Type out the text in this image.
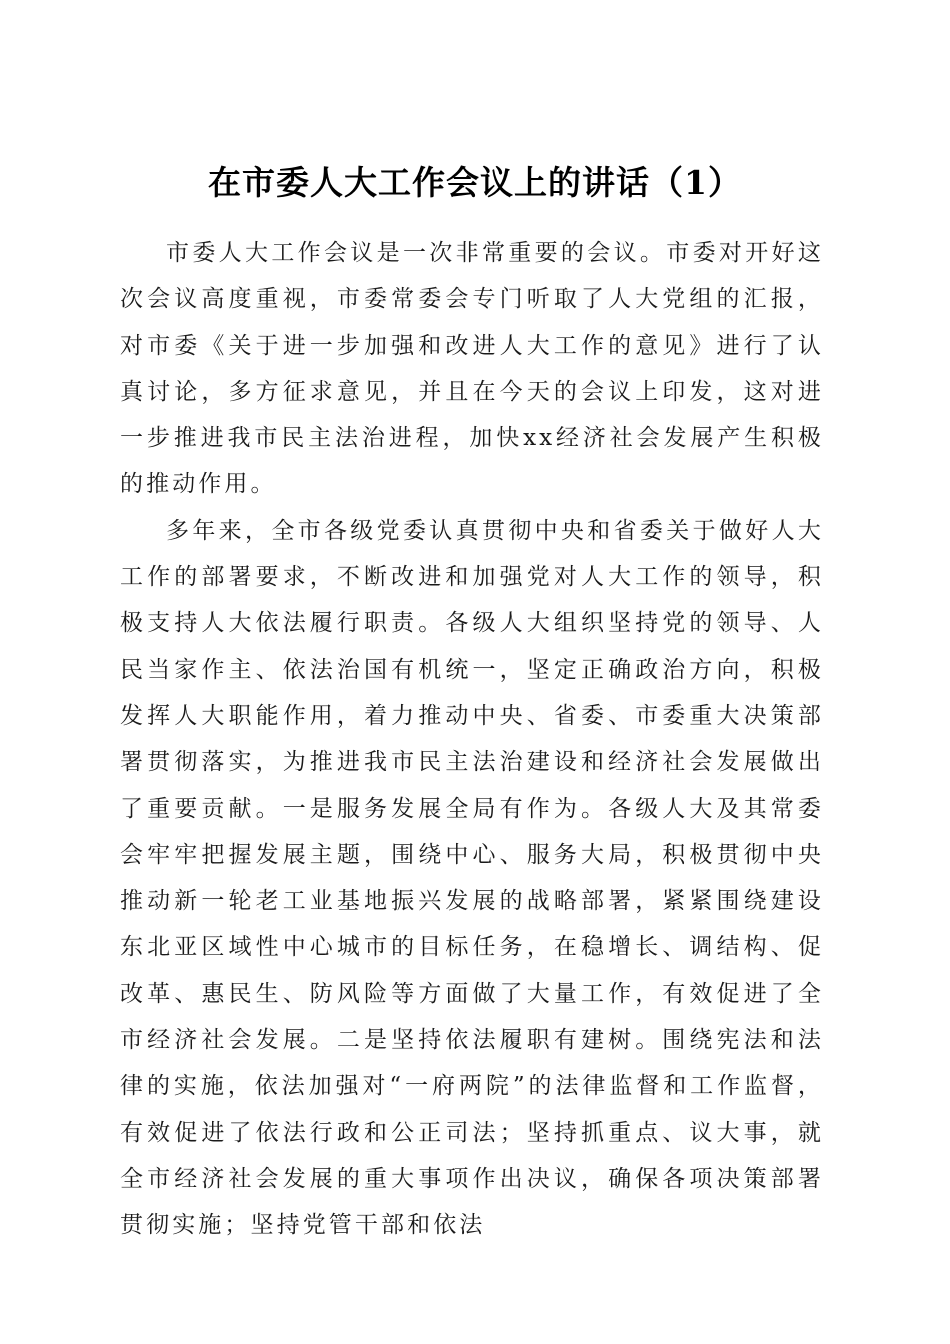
在市委人大工作会议上的讲话（1）

市委人大工作会议是一次非常重要的会议。市委对开好这次会议高度重视，市委常委会专门听取了人大党组的汇报，对市委《关于进一步加强和改进人大工作的意见》进行了认真讨论，多方征求意见，并且在今天的会议上印发，这对进一步推进我市民主法治进程，加快xx经济社会发展产生积极的推动作用。

多年来，全市各级党委认真贯彻中央和省委关于做好人大工作的部署要求，不断改进和加强党对人大工作的领导，积极支持人大依法履行职责。各级人大组织坚持党的领导、人民当家作主、依法治国有机统一，坚定正确政治方向，积极发挥人大职能作用，着力推动中央、省委、市委重大决策部署贯彻落实，为推进我市民主法治建设和经济社会发展做出了重要贡献。一是服务发展全局有作为。各级人大及其常委会牢牢把握发展主题，围绕中心、服务大局，积极贯彻中央推动新一轮老工业基地振兴发展的战略部署，紧紧围绕建设东北亚区域性中心城市的目标任务，在稳增长、调结构、促改革、惠民生、防风险等方面做了大量工作，有效促进了全市经济社会发展。二是坚持依法履职有建树。围绕宪法和法律的实施，依法加强对“一府两院”的法律监督和工作监督，有效促进了依法行政和公正司法；坚持抓重点、议大事，就全市经济社会发展的重大事项作出决议，确保各项决策部署贯彻实施；坚持党管干部和依法
